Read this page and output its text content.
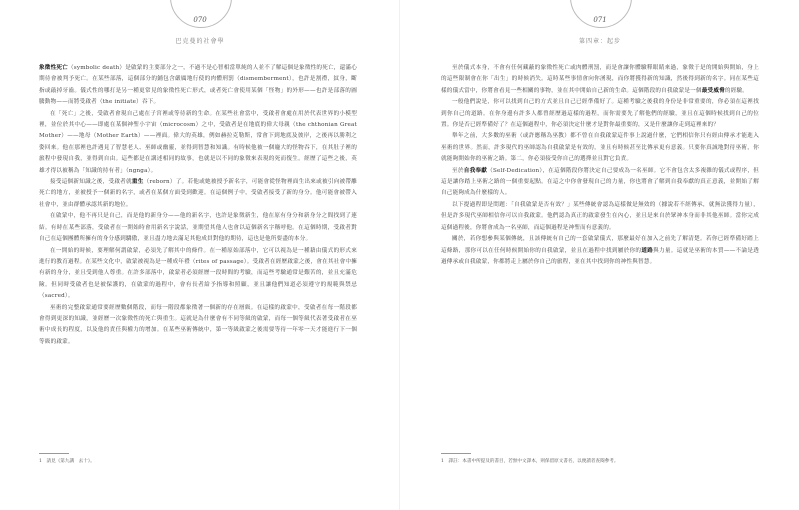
070
巴克曼的社會學

象徵性死亡（symbolic death）是啟蒙的主要部分之一，不過不是心智相當單純的人並不了解這個是象徵性的死亡，還滿心期待會被判予死亡。在某些部落，這個部分的鋪包含嚴厲地行使的肉體刑罰（dismemberment），也許是割禮，紋身，斷指或敲掉牙齒。儀式性的哪打是另一種更常見的象徵性死亡形式，或者死亡會使用某個「怪物」的外形——也許是部落的圖騰動物——而將受啟者（the initiate）吞下。

在「死亡」之後，受啟者會現自己處在子宮裡或等待新的生命。在某些社會當中，受啟者會處在用於代表世界的小模型裡，並位於其中心——即處在某個神聖小宇宙（microcosm）之中，受啟者是在地底的偉大母親（the chthonian Great Mother）——地母（Mother Earth）——裡面。偉大的英雄，例如赫拉克勒斯，常會下到地底及彼岸，之後再以勝利之姿回來。他在那裡也許遇見了智慧老人、巫師或幽靈，並得到智慧和知識。有時候他被一個龐大的怪物吞下，在其肚子裡的旅程中發現自我，並得到自由。這些都是在講述相同的故事，也就是以不同的象徵來表現的死而復生。經歷了這些之後，英雄才得以被稱為「知識的持有者」（ngnga）。

接受這個新知識之後，受啟者就重生（reborn）了。若他或她被授予新名字，可能會從怪物裡面生出來或被引向被帶離死亡的地方，並被授予一個新的名字，或者在某個方面受到歡迎。在這個例子中，受啟者接受了新的身分。他可能會被帶入社會中，並由群體承認其新的地位。

在啟蒙中，他不再只是自己，而是他的新身分——他的新名字，也許是象徵新生，他在原有身分和新身分之間找到了連結。有時在某些部落，受啟者在一開始時會用新名字說話，並期望其他人也會以這個新名字稱呼他。在這個時期，受啟者對自己在這個團體所擁有的身分感到驕傲，並且盡力地去滿足其他成員對他的期待，這也是他所要盡的本分。

在一開始的時候，要理解何謂啟蒙，必須先了解其中的條件。在一種原始部落中，它可以視為是一種藉由儀式的形式來進行的教育過程。在某些文化中，啟蒙被視為是一種成年禮（rites of passage）。受啟者在經歷啟蒙之後，會在其社會中擁有新的身分，並且受到他人尊重。在許多部落中，啟蒙者必須經歷一段時間的考驗，而這些考驗通常是艱苦的，並且充滿危險。但同時受啟者也是被保護的，在啟蒙的過程中，會有長者給予指導和照顧，並且讓他們知道必須遵守的規範與禁忌（sacred）。

巫術的完整啟蒙通常要經歷數個階段，而每一階段都象徵著一個新的存在層級。在這樣的啟蒙中，受啟者在每一階段都會得到更深的知識，並經歷一次象徵性的死亡與重生。這就是為什麼會有不同等級的啟蒙，而每一個等級代表著受啟者在巫術中成長的程度，以及他的責任與權力的增加。在某些巫術傳統中，第一等級啟蒙之後需要等待一年零一天才能進行下一個等級的啟蒙。

1　請見《第九講　去十》。
071
第四章：起步

至於儀式本身，不會有任何藏蔽的象徵性死亡或肉體刑罰，而是會讓你體驗釋眼睛來過，象徵于是的開始與開始，身上的這些限制會在你「出生」的時候消失。這時某些事情會向你湧現，而你將獲得新的知識，然後得到新的名字。同在某些這樣的儀式當中，你將會看見一些相關的事物，並在其中開始自己新的生命。這個階段的自我啟蒙是一個最受威脅的經驗。

一般他們說是，你可以找到自己的方式並且自己已經準備好了。這種考驗之後我的身份是非常重要的，你必須在這裡找到你自己的道路。在你身邊有許多人都曾經歷過這樣的過程，而你需要先了解他們的經驗，並且在這個時候找到自己的位置。你是否已經準備好了？在這個過程中，你必須決定什麼才是對你最重要的，又是什麼讓你走到這裡來的？

舉年之前，大多數的巫術（或許應稱為巫教）都不曾在自我啟蒙這件事上說過什麼，它們相信你只有經由傳承才能進入巫術的世界。然而，許多現代的巫師認為自我啟蒙是有效的，並且有時候甚至比傳承更有意義。只要你真誠地對待巫術，你就能夠開始你的巫術之路。第二，你必須接受你自己的選擇並且對它負責。

至於自我奉獻（Self-Dedication），在這個階段你將決定自己要成為一名巫師。它不會包含太多複雜的儀式或程序，但這是讓你踏上巫術之路的一個重要起點。在這之中你會發現自己的力量，你也將會了解到自我奉獻的真正意義，並開始了解自己能夠成為什麼樣的人。

以下提過程即是問題：「自我啟蒙是否有效？」某些傳統會認為這樣做是無效的（據說若不經傳承，就無法獲得力量），但是許多現代巫師相信你可以自我啟蒙。他們認為真正的啟蒙發生在內心，並且是來自於眾神本身而非其他巫師。當你完成這個過程後，你將會成為一名巫師，而這個過程是神聖而有意義的。

關於，若你想參與某個傳統，且該傳統有自己的一套啟蒙儀式，那麼最好在加入之前先了解清楚。若你已經準備好踏上這條路，那你可以在任何時候開始你的自我啟蒙，並且在過程中找到屬於你的道路與力量。這就是巫術的本質——不論是透過傳承或自我啟蒙，你都將走上屬於你自己的旅程，並在其中找到你的神性與智慧。

1　譯註：本書中所提及的書目，若無中文譯本，則保留原文書名，以便讀者查閱參考。
